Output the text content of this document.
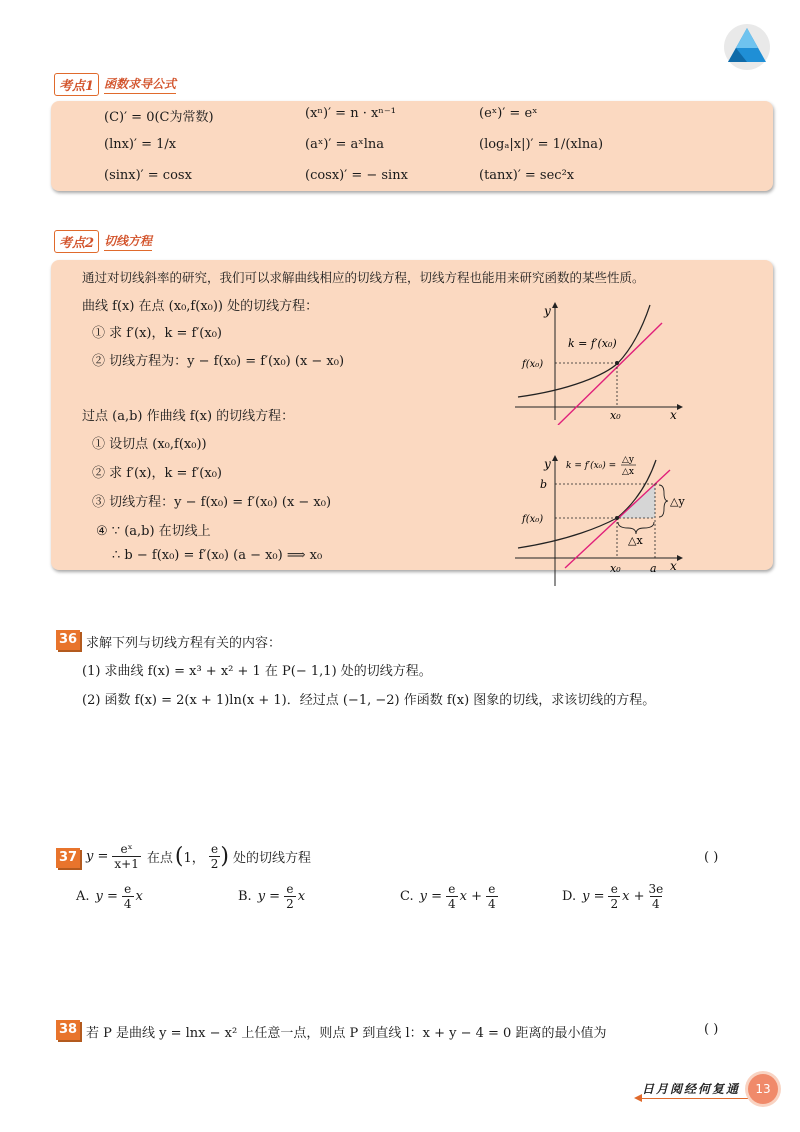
考点1 函数求导公式
(C)′ = 0(C为常数)	(xⁿ)′ = n · xⁿ⁻¹	(eˣ)′ = eˣ
(lnx)′ = 1/x	(aˣ)′ = aˣlna	(logₐ|x|)′ = 1/(xlna)
(sinx)′ = cosx	(cosx)′ = − sinx	(tanx)′ = sec²x
考点2 切线方程
通过对切线斜率的研究，我们可以求解曲线相应的切线方程，切线方程也能用来研究函数的某些性质。
曲线 f(x) 在点 (x₀,f(x₀)) 处的切线方程：
① 求 f′(x)，k = f′(x₀)
② 切线方程为：y − f(x₀) = f′(x₀) (x − x₀)
过点 (a,b) 作曲线 f(x) 的切线方程：
① 设切点 (x₀,f(x₀))
② 求 f′(x)，k = f′(x₀)
③ 切线方程：y − f(x₀) = f′(x₀) (x − x₀)
④ ∵ (a,b) 在切线上
∴ b − f(x₀) = f′(x₀) (a − x₀) ⟹ x₀
y
x
k = f′(x₀)
f(x₀)
x₀
y
x
k = f′(x₀) =
△y
△x
△y
△x
b
f(x₀)
x₀	a
36 求解下列与切线方程有关的内容：
(1) 求曲线 f(x) = x³ + x² + 1 在 P(− 1,1) 处的切线方程。
(2) 函数 f(x) = 2(x + 1)ln(x + 1)．经过点 (−1, −2) 作函数 f(x) 图象的切线，求该切线的方程。
37 $y = \frac{\text{eˣ}}{x+1}$ 在点 ( 1， $\frac{e}{2}$ ) 处的切线方程	( )
A. $y = \frac{e}{4}$ x	B. $y = \frac{e}{2}$ x	C. $y = \frac{e}{4}$ $x + \frac{e}{4}$	D. $y = \frac{e}{2}$ $x + \frac{3e}{4}$
38 若 P 是曲线 y = lnx − x² 上任意一点，则点 P 到直线 l：x + y − 4 = 0 距离的最小值为	( )
日月阅经何复通	13
